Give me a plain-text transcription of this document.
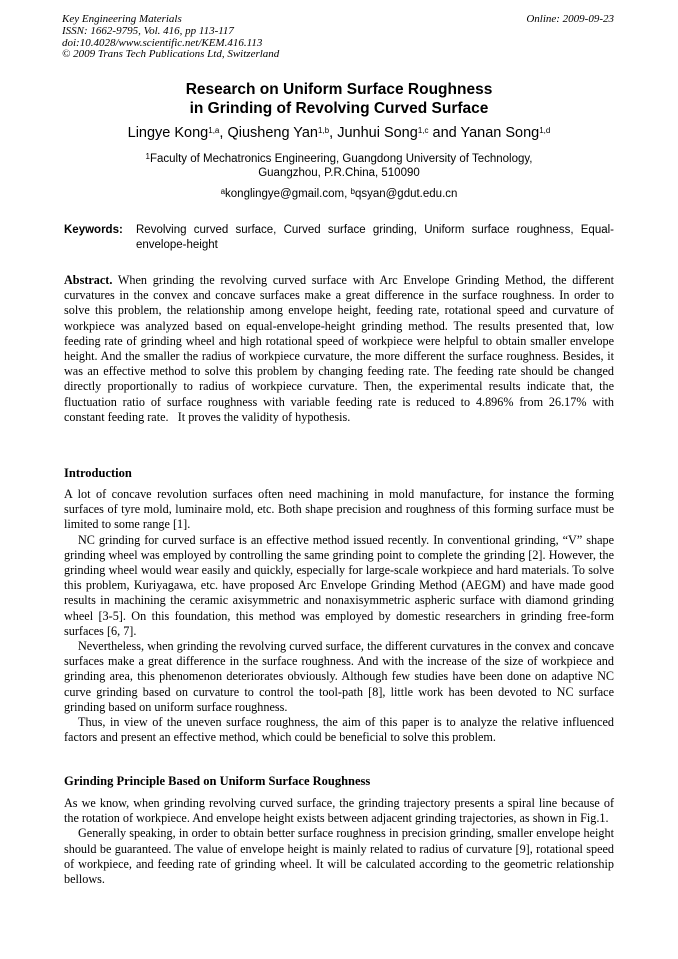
Key Engineering Materials
ISSN: 1662-9795, Vol. 416, pp 113-117
doi:10.4028/www.scientific.net/KEM.416.113
© 2009 Trans Tech Publications Ltd, Switzerland
Online: 2009-09-23
Research on Uniform Surface Roughness
in Grinding of Revolving Curved Surface
Lingye Kong$^{1,a}$, Qiusheng Yan$^{1,b}$, Junhui Song$^{1,c}$ and Yanan Song$^{1,d}$
$^1$Faculty of Mechatronics Engineering, Guangdong University of Technology,
Guangzhou, P.R.China, 510090
$^a$konglingye@gmail.com, $^b$qsyan@gdut.edu.cn
Keywords:	Revolving curved surface, Curved surface grinding, Uniform surface roughness, Equal-envelope-height

Abstract. When grinding the revolving curved surface with Arc Envelope Grinding Method, the different curvatures in the convex and concave surfaces make a great difference in the surface roughness. In order to solve this problem, the relationship among envelope height, feeding rate, rotational speed and curvature of workpiece was analyzed based on equal-envelope-height grinding method. The results presented that, low feeding rate of grinding wheel and high rotational speed of workpiece were helpful to obtain smaller envelope height. And the smaller the radius of workpiece curvature, the more different the surface roughness. Besides, it was an effective method to solve this problem by changing feeding rate. The feeding rate should be changed directly proportionally to radius of workpiece curvature. Then, the experimental results indicate that, the fluctuation ratio of surface roughness with variable feeding rate is reduced to 4.896% from 26.17% with constant feeding rate.   It proves the validity of hypothesis.

Introduction

A lot of concave revolution surfaces often need machining in mold manufacture, for instance the forming surfaces of tyre mold, luminaire mold, etc. Both shape precision and roughness of this forming surface must be limited to some range [1].

NC grinding for curved surface is an effective method issued recently. In conventional grinding, “V” shape grinding wheel was employed by controlling the same grinding point to complete the grinding [2]. However, the grinding wheel would wear easily and quickly, especially for large-scale workpiece and hard materials. To solve this problem, Kuriyagawa, etc. have proposed Arc Envelope Grinding Method (AEGM) and have made good results in machining the ceramic axisymmetric and nonaxisymmetric aspheric surface with diamond grinding wheel [3-5]. On this foundation, this method was employed by domestic researchers in grinding free-form surfaces [6, 7].

Nevertheless, when grinding the revolving curved surface, the different curvatures in the convex and concave surfaces make a great difference in the surface roughness. And with the increase of the size of workpiece and grinding area, this phenomenon deteriorates obviously. Although few studies have been done on adaptive NC curve grinding based on curvature to control the tool-path [8], little work has been devoted to NC surface grinding based on uniform surface roughness.

Thus, in view of the uneven surface roughness, the aim of this paper is to analyze the relative influenced factors and present an effective method, which could be beneficial to solve this problem.

Grinding Principle Based on Uniform Surface Roughness

As we know, when grinding revolving curved surface, the grinding trajectory presents a spiral line because of the rotation of workpiece. And envelope height exists between adjacent grinding trajectories, as shown in Fig.1.

Generally speaking, in order to obtain better surface roughness in precision grinding, smaller envelope height should be guaranteed. The value of envelope height is mainly related to radius of curvature [9], rotational speed of workpiece, and feeding rate of grinding wheel. It will be calculated according to the geometric relationship bellows.
